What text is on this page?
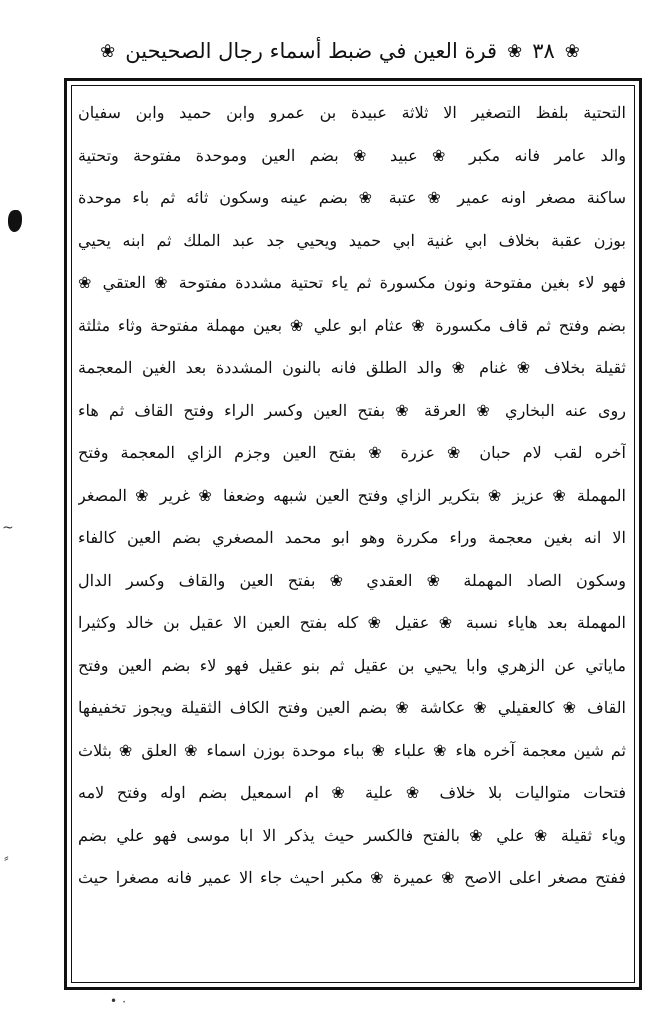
❀
٣٨
❀
قرة العين في ضبط أسماء رجال الصحيحين
❀
التحتية بلفظ التصغير الا ثلاثة عبيدة بن عمرو وابن حميد وابن سفيان
والد عامر فانه مكبر ❀ عبيد ❀ بضم العين وموحدة مفتوحة وتحتية
ساكنة مصغر اونه عمير ❀ عتبة ❀ بضم عينه وسكون ثائه ثم باء موحدة
بوزن عقبة بخلاف ابي غنية ابي حميد ويحيي جد عبد الملك ثم ابنه يحيي
فهو لاء بغين مفتوحة ونون مكسورة ثم ياء تحتية مشددة مفتوحة ❀ العتقي ❀
بضم وفتح ثم قاف مكسورة ❀ عثام ابو علي ❀ بعين مهملة مفتوحة وثاء مثلثة
ثقيلة بخلاف ❀ غنام ❀ والد الطلق فانه بالنون المشددة بعد الغين المعجمة
روى عنه البخاري ❀ العرقة ❀ بفتح العين وكسر الراء وفتح القاف ثم هاء
آخره لقب لام حبان ❀ عزرة ❀ بفتح العين وجزم الزاي المعجمة وفتح
المهملة ❀ عزيز ❀ بتكرير الزاي وفتح العين شبهه وضعفا ❀ غرير ❀ المصغر
الا انه بغين معجمة وراء مكررة وهو ابو محمد المصغري بضم العين كالفاء
وسكون الصاد المهملة ❀ العقدي ❀ بفتح العين والقاف وكسر الدال
المهملة بعد هاياء نسبة ❀ عقيل ❀ كله بفتح العين الا عقيل بن خالد وكثيرا
ماياتي عن الزهري وابا يحيي بن عقيل ثم بنو عقيل فهو لاء بضم العين وفتح
القاف ❀ كالعقيلي ❀ عكاشة ❀ بضم العين وفتح الكاف الثقيلة ويجوز تخفيفها
ثم شين معجمة آخره هاء ❀ علباء ❀ بباء موحدة بوزن اسماء ❀ العلق ❀ بثلاث
فتحات متواليات بلا خلاف ❀ علية ❀ ام اسمعيل بضم اوله وفتح لامه
وياء ثقيلة ❀ علي ❀ بالفتح فالكسر حيث يذكر الا ابا موسى فهو علي بضم
ففتح مصغر اعلى الاصح ❀ عميرة ❀ مكبر احيث جاء الا عمير فانه مصغرا حيث
~
⸗
• ٠
